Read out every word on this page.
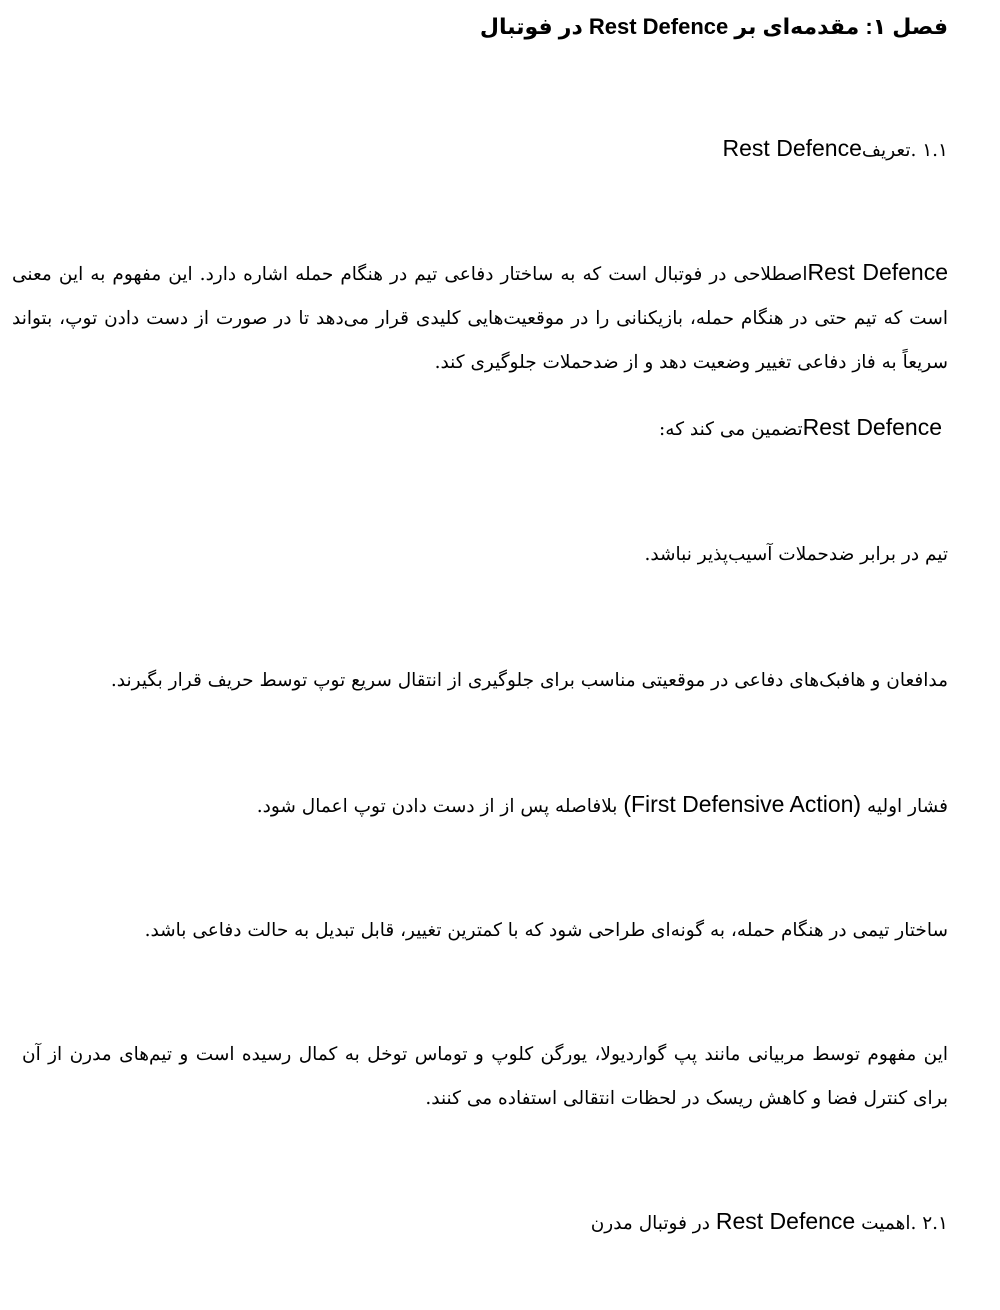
فصل ۱: مقدمه‌ای بر Rest Defence در فوتبال
۱.۱ .تعریفRest Defence

Rest Defenceاصطلاحی در فوتبال است که به ساختار دفاعی تیم در هنگام حمله اشاره دارد. این مفهوم به این معنی است که تیم حتی در هنگام حمله، بازیکنانی را در موقعیت‌هایی کلیدی قرار می‌دهد تا در صورت از دست دادن توپ، بتواند سریعاً به فاز دفاعی تغییر وضعیت دهد و از ضدحملات جلوگیری کند.

Rest Defenceتضمین می کند که:
تیم در برابر ضدحملات آسیب‌پذیر نباشد.
مدافعان و هافبک‌های دفاعی در موقعیتی مناسب برای جلوگیری از انتقال سریع توپ توسط حریف قرار بگیرند.
فشار اولیه (First Defensive Action) بلافاصله پس از از دست دادن توپ اعمال شود.
ساختار تیمی در هنگام حمله، به گونه‌ای طراحی شود که با کمترین تغییر، قابل تبدیل به حالت دفاعی باشد.

این مفهوم توسط مربیانی مانند پپ گواردیولا، یورگن کلوپ و توماس توخل به کمال رسیده است و تیم‌های مدرن از آن برای کنترل فضا و کاهش ریسک در لحظات انتقالی استفاده می کنند.

۲.۱ .اهمیت Rest Defence در فوتبال مدرن
